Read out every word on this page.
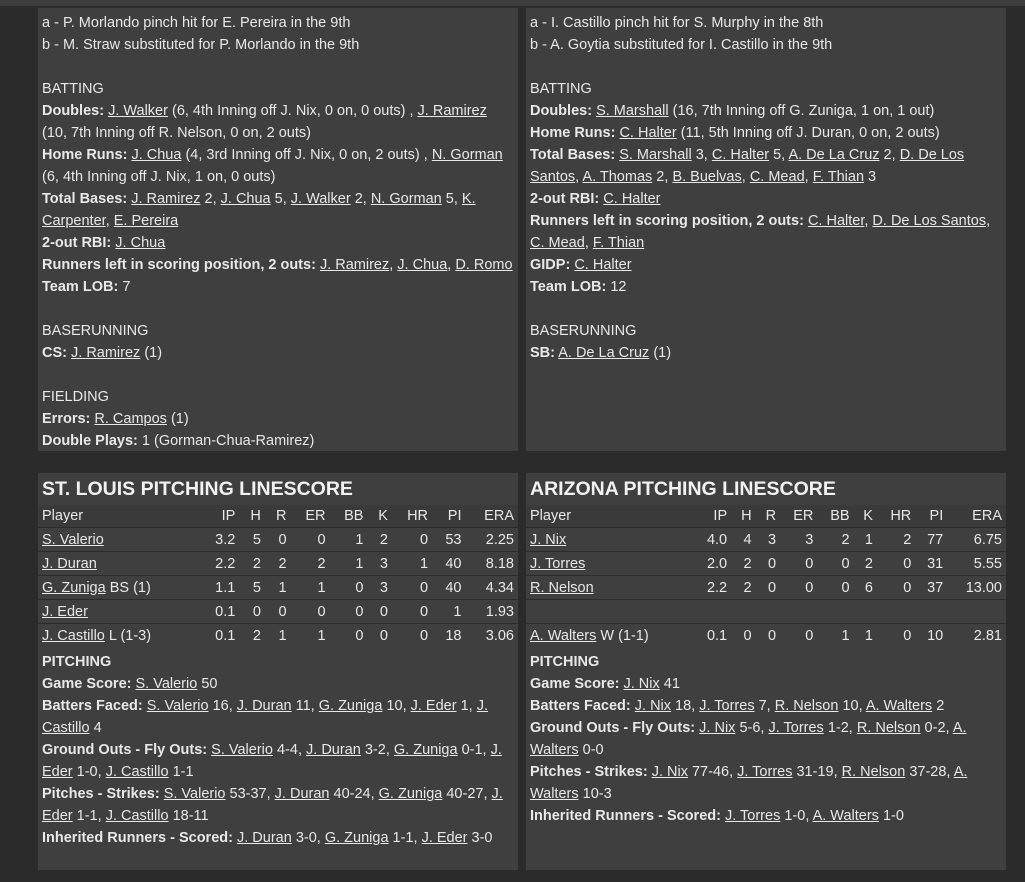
a - P. Morlando pinch hit for E. Pereira in the 9th
b - M. Straw substituted for P. Morlando in the 9th
BATTING
Doubles: J. Walker (6, 4th Inning off J. Nix, 0 on, 0 outs) , J. Ramirez (10, 7th Inning off R. Nelson, 0 on, 2 outs)
Home Runs: J. Chua (4, 3rd Inning off J. Nix, 0 on, 2 outs) , N. Gorman (6, 4th Inning off J. Nix, 1 on, 0 outs)
Total Bases: J. Ramirez 2, J. Chua 5, J. Walker 2, N. Gorman 5, K. Carpenter, E. Pereira
2-out RBI: J. Chua
Runners left in scoring position, 2 outs: J. Ramirez, J. Chua, D. Romo
Team LOB: 7
BASERUNNING
CS: J. Ramirez (1)
FIELDING
Errors: R. Campos (1)
Double Plays: 1 (Gorman-Chua-Ramirez)
a - I. Castillo pinch hit for S. Murphy in the 8th
b - A. Goytia substituted for I. Castillo in the 9th
BATTING
Doubles: S. Marshall (16, 7th Inning off G. Zuniga, 1 on, 1 out)
Home Runs: C. Halter (11, 5th Inning off J. Duran, 0 on, 2 outs)
Total Bases: S. Marshall 3, C. Halter 5, A. De La Cruz 2, D. De Los Santos, A. Thomas 2, B. Buelvas, C. Mead, F. Thian 3
2-out RBI: C. Halter
Runners left in scoring position, 2 outs: C. Halter, D. De Los Santos, C. Mead, F. Thian
GIDP: C. Halter
Team LOB: 12
BASERUNNING
SB: A. De La Cruz (1)
ST. LOUIS PITCHING LINESCORE
Player	IP	H	R	ER	BB	K	HR	PI	ERA
S. Valerio	3.2	5	0	0	1	2	0	53	2.25
J. Duran	2.2	2	2	2	1	3	1	40	8.18
G. Zuniga BS (1)	1.1	5	1	1	0	3	0	40	4.34
J. Eder	0.1	0	0	0	0	0	0	1	1.93
J. Castillo L (1-3)	0.1	2	1	1	0	0	0	18	3.06
PITCHING
Game Score: S. Valerio 50
Batters Faced: S. Valerio 16, J. Duran 11, G. Zuniga 10, J. Eder 1, J. Castillo 4
Ground Outs - Fly Outs: S. Valerio 4-4, J. Duran 3-2, G. Zuniga 0-1, J. Eder 1-0, J. Castillo 1-1
Pitches - Strikes: S. Valerio 53-37, J. Duran 40-24, G. Zuniga 40-27, J. Eder 1-1, J. Castillo 18-11
Inherited Runners - Scored: J. Duran 3-0, G. Zuniga 1-1, J. Eder 3-0
ARIZONA PITCHING LINESCORE
Player	IP	H	R	ER	BB	K	HR	PI	ERA
J. Nix	4.0	4	3	3	2	1	2	77	6.75
J. Torres	2.0	2	0	0	0	2	0	31	5.55
R. Nelson	2.2	2	0	0	0	6	0	37	13.00

A. Walters W (1-1)	0.1	0	0	0	1	1	0	10	2.81
PITCHING
Game Score: J. Nix 41
Batters Faced: J. Nix 18, J. Torres 7, R. Nelson 10, A. Walters 2
Ground Outs - Fly Outs: J. Nix 5-6, J. Torres 1-2, R. Nelson 0-2, A. Walters 0-0
Pitches - Strikes: J. Nix 77-46, J. Torres 31-19, R. Nelson 37-28, A. Walters 10-3
Inherited Runners - Scored: J. Torres 1-0, A. Walters 1-0
